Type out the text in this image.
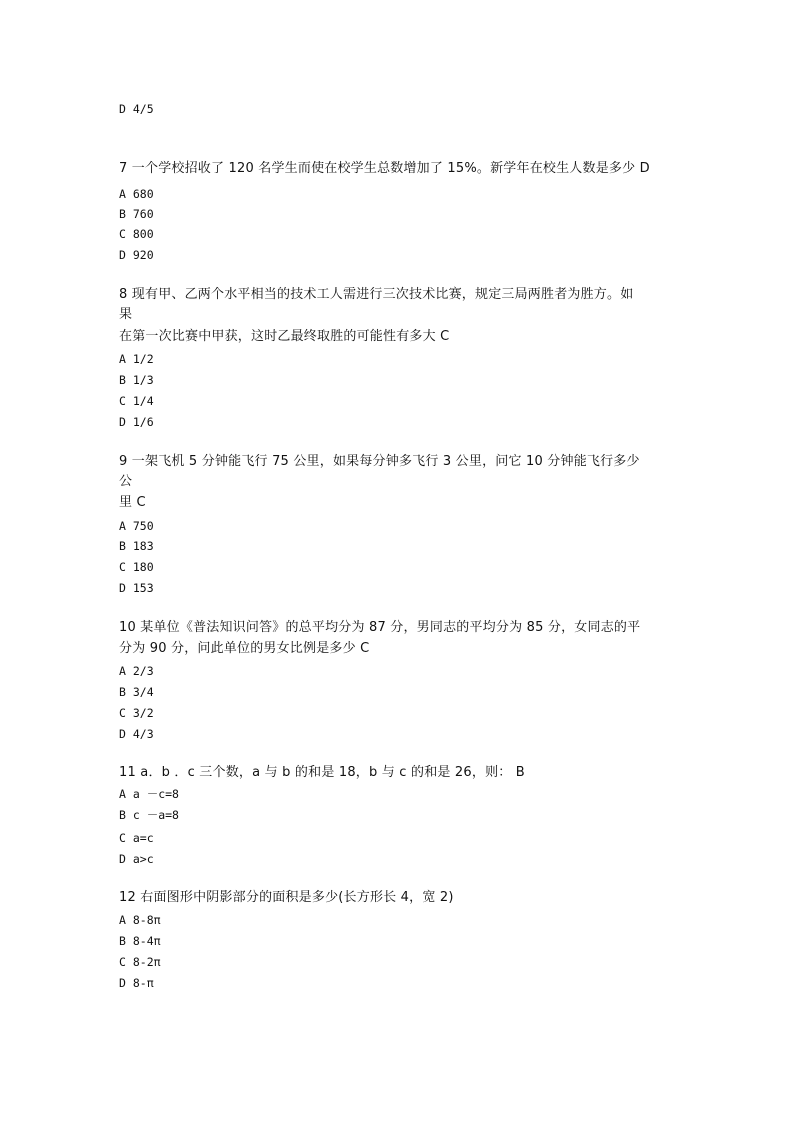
D 4/5
7 一个学校招收了 120 名学生而使在校学生总数增加了 15%。新学年在校生人数是多少 D
A 680
B 760
C 800
D 920
8 现有甲、乙两个水平相当的技术工人需进行三次技术比赛，规定三局两胜者为胜方。如
果
在第一次比赛中甲获，这时乙最终取胜的可能性有多大 C
A 1/2
B 1/3
C 1/4
D 1/6
9 一架飞机 5 分钟能飞行 75 公里，如果每分钟多飞行 3 公里，问它 10 分钟能飞行多少
公
里 C
A 750
B 183
C 180
D 153
10 某单位《普法知识问答》的总平均分为 87 分，男同志的平均分为 85 分，女同志的平
分为 90 分，问此单位的男女比例是多少 C
A 2/3
B 3/4
C 3/2
D 4/3
11 a．b ．c 三个数，a 与 b 的和是 18，b 与 c 的和是 26，则： B
A a －c=8
B c －a=8
C a=c
D a>c
12 右面图形中阴影部分的面积是多少(长方形长 4，宽 2)
A 8-8π
B 8-4π
C 8-2π
D 8-π
